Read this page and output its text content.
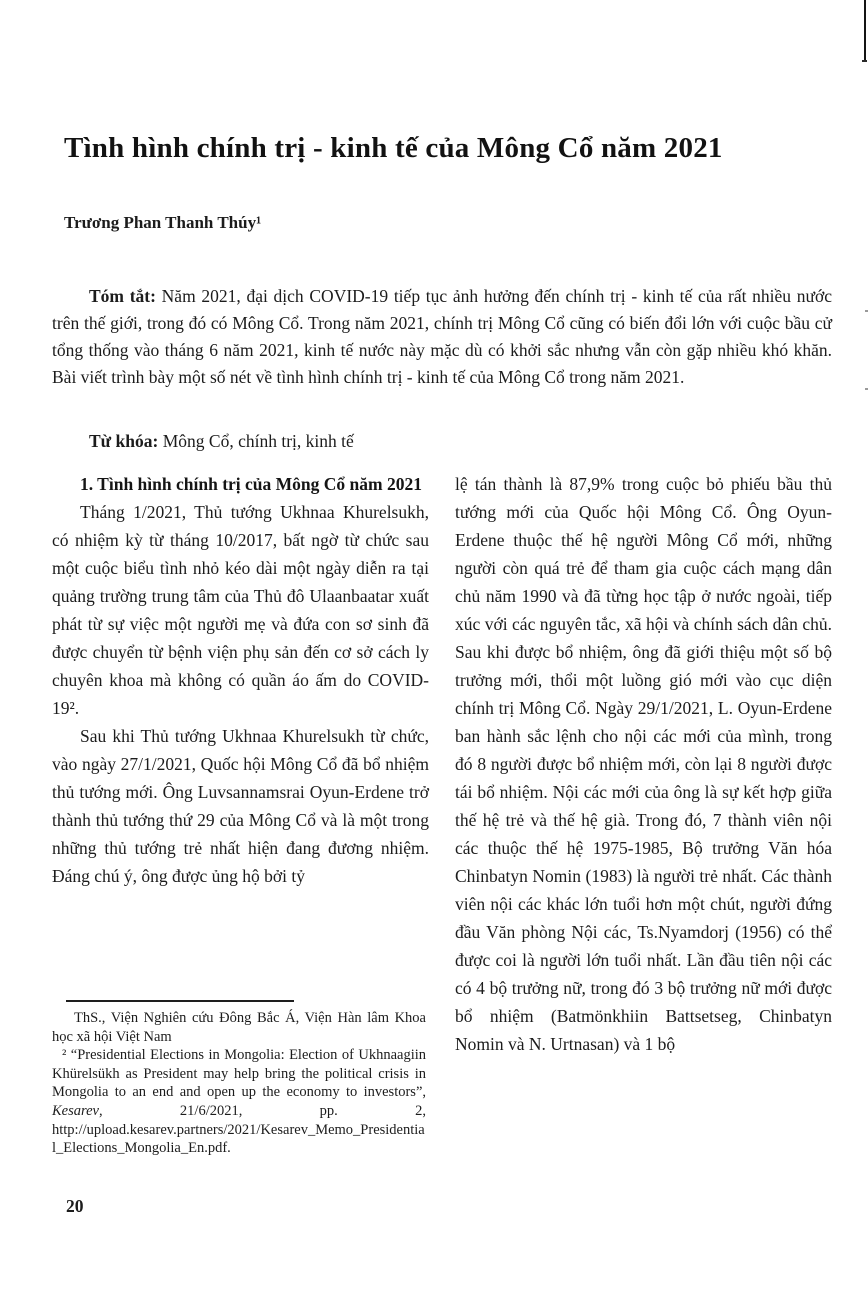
Tình hình chính trị - kinh tế của Mông Cổ năm 2021
Trương Phan Thanh Thúy¹

Tóm tắt: Năm 2021, đại dịch COVID-19 tiếp tục ảnh hưởng đến chính trị - kinh tế của rất nhiều nước trên thế giới, trong đó có Mông Cổ. Trong năm 2021, chính trị Mông Cổ cũng có biến đổi lớn với cuộc bầu cử tổng thống vào tháng 6 năm 2021, kinh tế nước này mặc dù có khởi sắc nhưng vẫn còn gặp nhiều khó khăn. Bài viết trình bày một số nét về tình hình chính trị - kinh tế của Mông Cổ trong năm 2021.

Từ khóa: Mông Cổ, chính trị, kinh tế

1. Tình hình chính trị của Mông Cổ năm 2021

Tháng 1/2021, Thủ tướng Ukhnaa Khurelsukh, có nhiệm kỳ từ tháng 10/2017, bất ngờ từ chức sau một cuộc biểu tình nhỏ kéo dài một ngày diễn ra tại quảng trường trung tâm của Thủ đô Ulaanbaatar xuất phát từ sự việc một người mẹ và đứa con sơ sinh đã được chuyển từ bệnh viện phụ sản đến cơ sở cách ly chuyên khoa mà không có quần áo ấm do COVID-19².

Sau khi Thủ tướng Ukhnaa Khurelsukh từ chức, vào ngày 27/1/2021, Quốc hội Mông Cổ đã bổ nhiệm thủ tướng mới. Ông Luvsannamsrai Oyun-Erdene trở thành thủ tướng thứ 29 của Mông Cổ và là một trong những thủ tướng trẻ nhất hiện đang đương nhiệm. Đáng chú ý, ông được ủng hộ bởi tỷ

lệ tán thành là 87,9% trong cuộc bỏ phiếu bầu thủ tướng mới của Quốc hội Mông Cổ. Ông Oyun-Erdene thuộc thế hệ người Mông Cổ mới, những người còn quá trẻ để tham gia cuộc cách mạng dân chủ năm 1990 và đã từng học tập ở nước ngoài, tiếp xúc với các nguyên tắc, xã hội và chính sách dân chủ. Sau khi được bổ nhiệm, ông đã giới thiệu một số bộ trưởng mới, thổi một luồng gió mới vào cục diện chính trị Mông Cổ. Ngày 29/1/2021, L. Oyun-Erdene ban hành sắc lệnh cho nội các mới của mình, trong đó 8 người được bổ nhiệm mới, còn lại 8 người được tái bổ nhiệm. Nội các mới của ông là sự kết hợp giữa thế hệ trẻ và thế hệ già. Trong đó, 7 thành viên nội các thuộc thế hệ 1975-1985, Bộ trưởng Văn hóa Chinbatyn Nomin (1983) là người trẻ nhất. Các thành viên nội các khác lớn tuổi hơn một chút, người đứng đầu Văn phòng Nội các, Ts.Nyamdorj (1956) có thể được coi là người lớn tuổi nhất. Lần đầu tiên nội các có 4 bộ trưởng nữ, trong đó 3 bộ trưởng nữ mới được bổ nhiệm (Batmönkhiin Battsetseg, Chinbatyn Nomin và N. Urtnasan) và 1 bộ

ThS., Viện Nghiên cứu Đông Bắc Á, Viện Hàn lâm Khoa học xã hội Việt Nam

² “Presidential Elections in Mongolia: Election of Ukhnaagiin Khürelsükh as President may help bring the political crisis in Mongolia to an end and open up the economy to investors”, Kesarev, 21/6/2021, pp. 2, http://upload.kesarev.partners/2021/Kesarev_Memo_Presidential_Elections_Mongolia_En.pdf.

20
